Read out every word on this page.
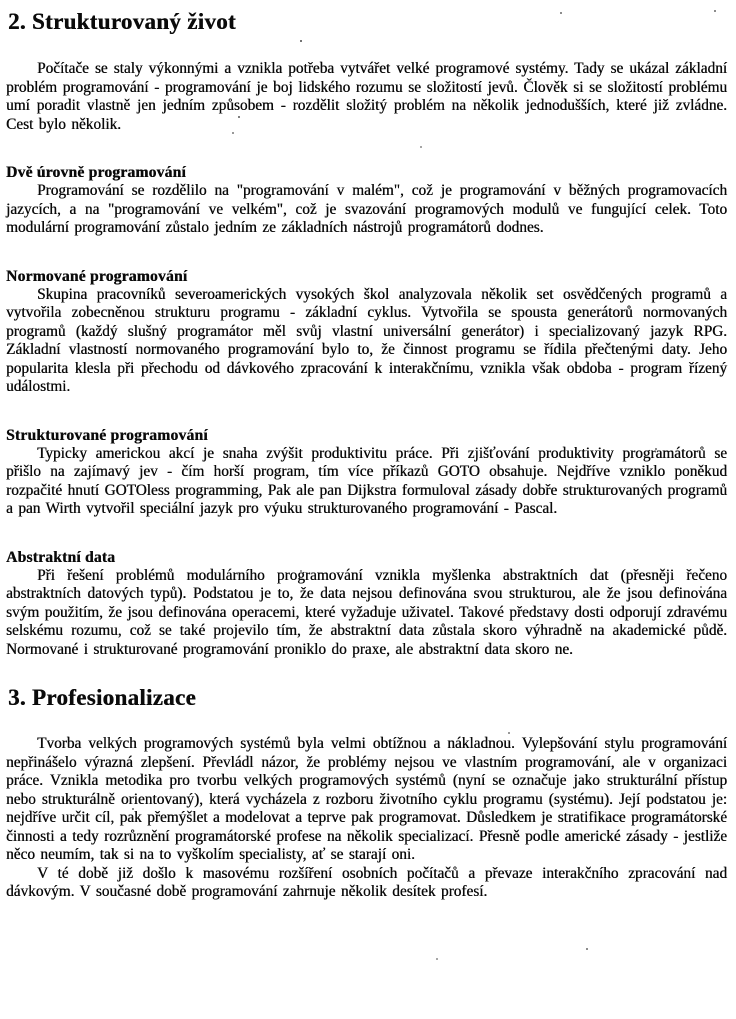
2. Strukturovaný život

Počítače se staly výkonnými a vznikla potřeba vytvářet velké programové systémy. Tady se ukázal základní problém programování - programování je boj lidského rozumu se složitostí jevů. Člověk si se složitostí problému umí poradit vlastně jen jedním způsobem - rozdělit složitý problém na několik jednodušších, které již zvládne. Cest bylo několik.

Dvě úrovně programování

Programování se rozdělilo na "programování v malém", což je programování v běžných programovacích jazycích, a na "programování ve velkém", což je svazování programových modulů ve fungující celek. Toto modulární programování zůstalo jedním ze základních nástrojů programátorů dodnes.

Normované programování

Skupina pracovníků severoamerických vysokých škol analyzovala několik set osvědčených programů a vytvořila zobecněnou strukturu programu - základní cyklus. Vytvořila se spousta generátorů normovaných programů (každý slušný programátor měl svůj vlastní universální generátor) i specializovaný jazyk RPG. Základní vlastností normovaného programování bylo to, že činnost programu se řídila přečtenými daty. Jeho popularita klesla při přechodu od dávkového zpracování k interakčnímu, vznikla však obdoba - program řízený událostmi.

Strukturované programování

Typicky americkou akcí je snaha zvýšit produktivitu práce. Při zjišťování produktivity programátorů se přišlo na zajímavý jev - čím horší program, tím více příkazů GOTO obsahuje. Nejdříve vzniklo poněkud rozpačité hnutí GOTOless programming, Pak ale pan Dijkstra formuloval zásady dobře strukturovaných programů a pan Wirth vytvořil speciální jazyk pro výuku strukturovaného programování - Pascal.

Abstraktní data

Při řešení problémů modulárního programování vznikla myšlenka abstraktních dat (přesněji řečeno abstraktních datových typů). Podstatou je to, že data nejsou definována svou strukturou, ale že jsou definována svým použitím, že jsou definována operacemi, které vyžaduje uživatel. Takové představy dosti odporují zdravému selskému rozumu, což se také projevilo tím, že abstraktní data zůstala skoro výhradně na akademické půdě. Normované i strukturované programování proniklo do praxe, ale abstraktní data skoro ne.

3. Profesionalizace

Tvorba velkých programových systémů byla velmi obtížnou a nákladnou. Vylepšování stylu programování nepřinášelo výrazná zlepšení. Převládl názor, že problémy nejsou ve vlastním programování, ale v organizaci práce. Vznikla metodika pro tvorbu velkých programových systémů (nyní se označuje jako strukturální přístup nebo strukturálně orientovaný), která vycházela z rozboru životního cyklu programu (systému). Její podstatou je: nejdříve určit cíl, pak přemýšlet a modelovat a teprve pak programovat. Důsledkem je stratifikace programátorské činnosti a tedy rozrůznění programátorské profese na několik specializací. Přesně podle americké zásady - jestliže něco neumím, tak si na to vyškolím specialisty, ať se starají oni.

V té době již došlo k masovému rozšíření osobních počítačů a převaze interakčního zpracování nad dávkovým. V současné době programování zahrnuje několik desítek profesí.
